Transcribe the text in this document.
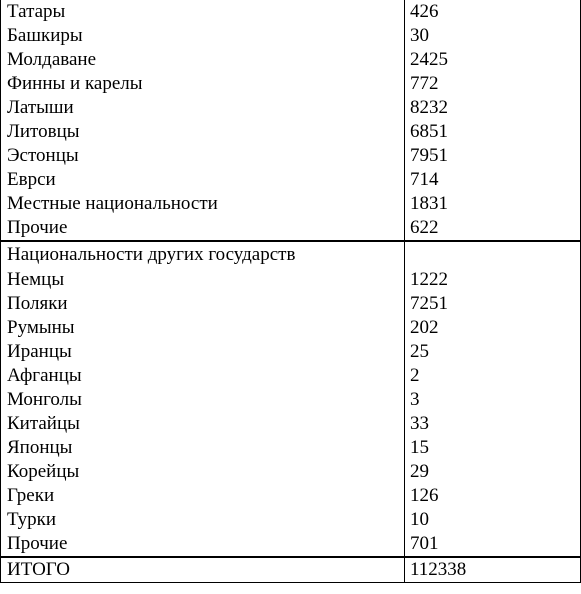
Татары	426
Башкиры	30
Молдаване	2425
Финны и карелы	772
Латыши	8232
Литовцы	6851
Эстонцы	7951
Еврси	714
Местные национальности	1831
Прочие	622
Национальности других государств	
Немцы	1222
Поляки	7251
Румыны	202
Иранцы	25
Афганцы	2
Монголы	3
Китайцы	33
Японцы	15
Корейцы	29
Греки	126
Турки	10
Прочие	701
ИТОГО	112338
